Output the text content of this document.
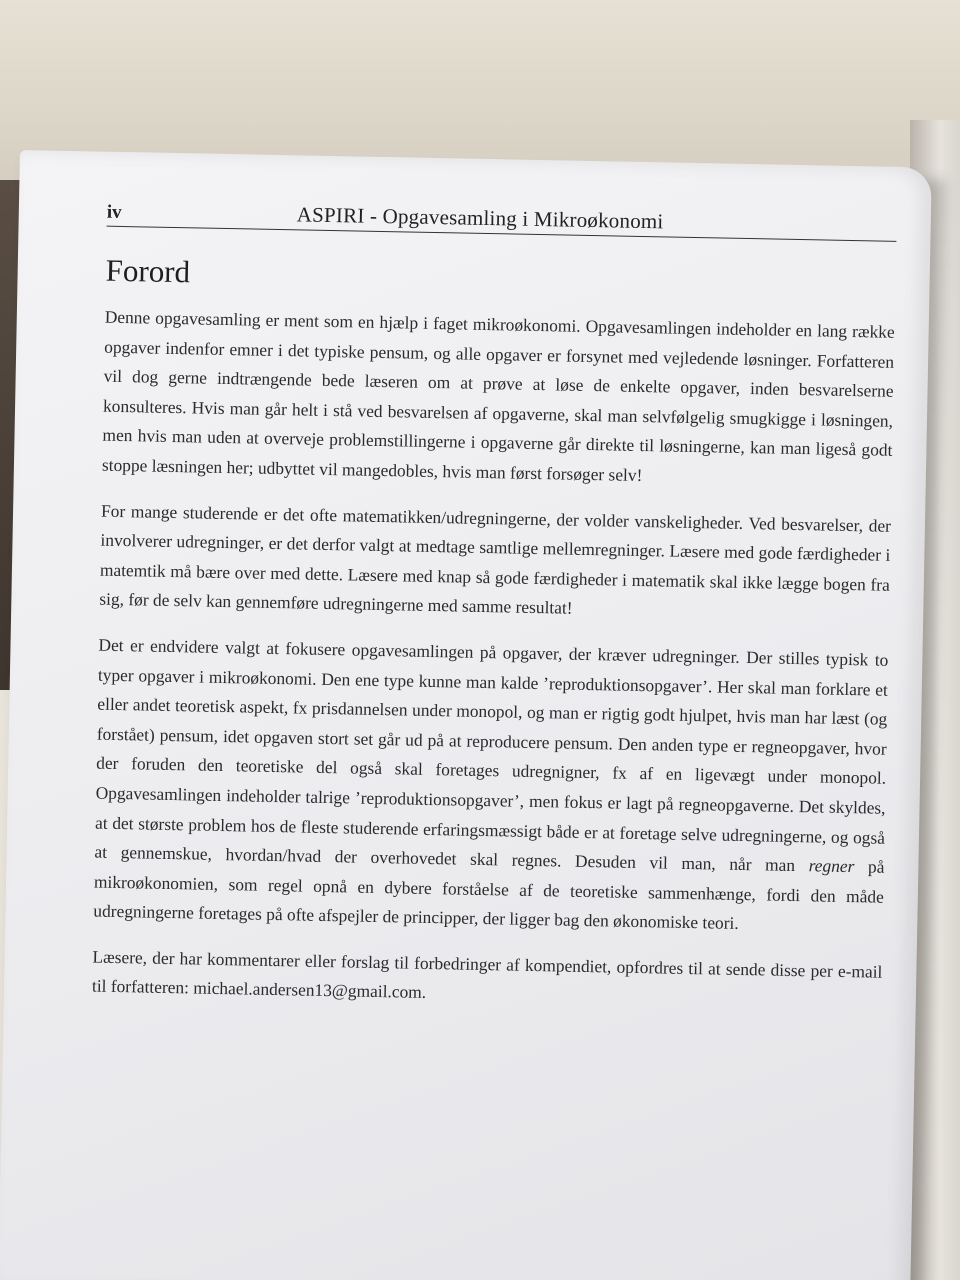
iv	ASPIRI - Opgavesamling i Mikroøkonomi
Forord

Denne opgavesamling er ment som en hjælp i faget mikroøkonomi. Opgavesamlingen indeholder en lang række opgaver indenfor emner i det typiske pensum, og alle opgaver er forsynet med vejledende løsninger. Forfatteren vil dog gerne indtrængende bede læseren om at prøve at løse de enkelte opgaver, inden besvarelserne konsulteres. Hvis man går helt i stå ved besvarelsen af opgaverne, skal man selvfølgelig smugkigge i løsningen, men hvis man uden at overveje problemstillingerne i opgaverne går direkte til løsningerne, kan man ligeså godt stoppe læsningen her; udbyttet vil mangedobles, hvis man først forsøger selv!

For mange studerende er det ofte matematikken/udregningerne, der volder vanskeligheder. Ved besvarelser, der involverer udregninger, er det derfor valgt at medtage samtlige mellemregninger. Læsere med gode færdigheder i matemtik må bære over med dette. Læsere med knap så gode færdigheder i matematik skal ikke lægge bogen fra sig, før de selv kan gennemføre udregningerne med samme resultat!

Det er endvidere valgt at fokusere opgavesamlingen på opgaver, der kræver udregninger. Der stilles typisk to typer opgaver i mikroøkonomi. Den ene type kunne man kalde ’reproduktionsopgaver’. Her skal man forklare et eller andet teoretisk aspekt, fx prisdannelsen under monopol, og man er rigtig godt hjulpet, hvis man har læst (og forstået) pensum, idet opgaven stort set går ud på at reproducere pensum. Den anden type er regneopgaver, hvor der foruden den teoretiske del også skal foretages udregnigner, fx af en ligevægt under monopol. Opgavesamlingen indeholder talrige ’reproduktionsopgaver’, men fokus er lagt på regneopgaverne. Det skyldes, at det største problem hos de fleste studerende erfaringsmæssigt både er at foretage selve udregningerne, og også at gennemskue, hvordan/hvad der overhovedet skal regnes. Desuden vil man, når man regner på mikroøkonomien, som regel opnå en dybere forståelse af de teoretiske sammenhænge, fordi den måde udregningerne foretages på ofte afspejler de principper, der ligger bag den økonomiske teori.

Læsere, der har kommentarer eller forslag til forbedringer af kompendiet, opfordres til at sende disse per e-mail til forfatteren: michael.andersen13@gmail.com.
